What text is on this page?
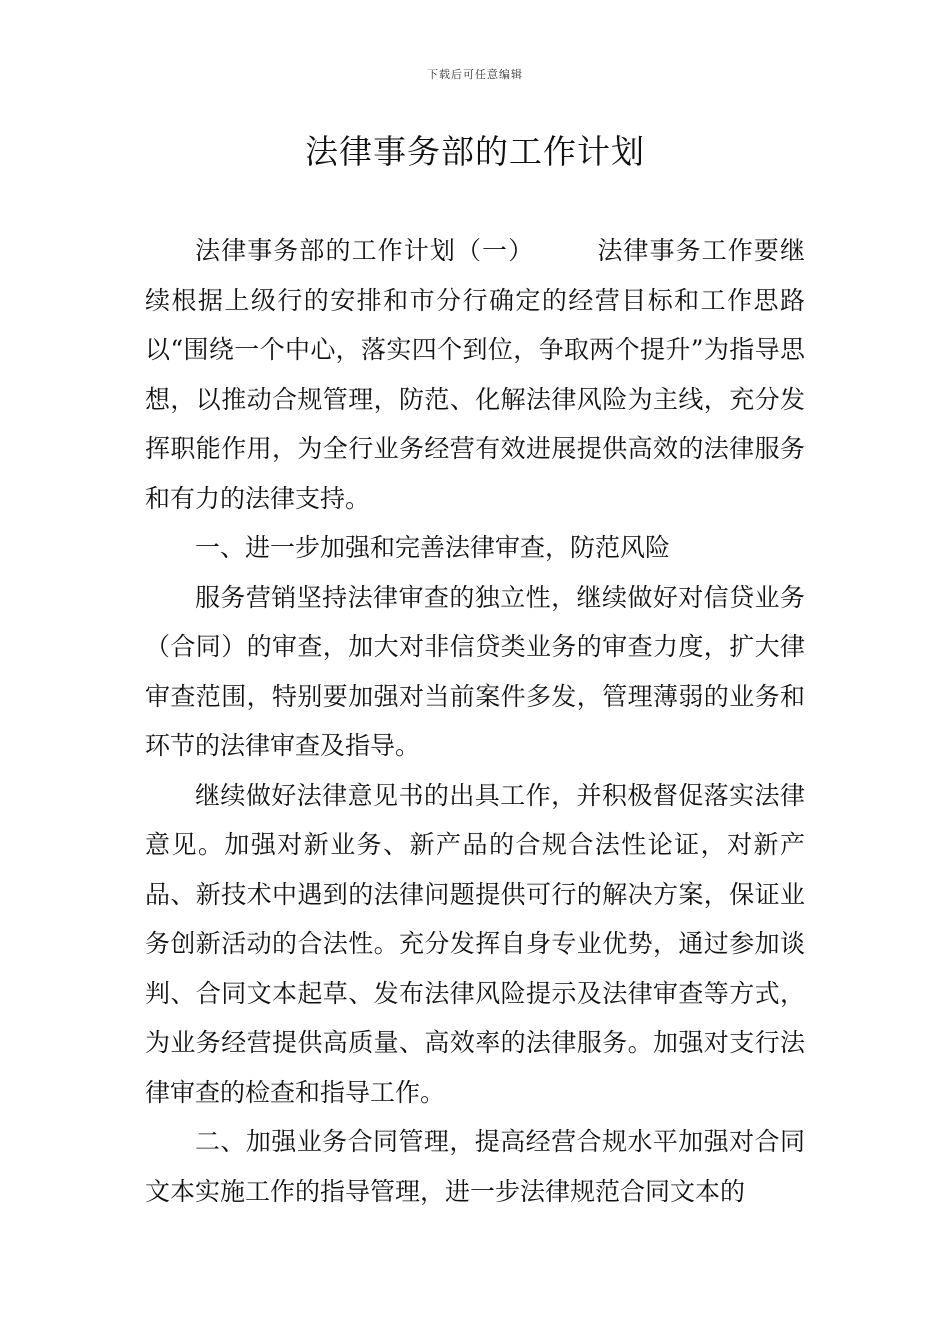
下载后可任意编辑
法律事务部的工作计划

法律事务部的工作计划（一） 法律事务工作要继续根据上级行的安排和市分行确定的经营目标和工作思路以“围绕一个中心，落实四个到位，争取两个提升”为指导思想，以推动合规管理，防范、化解法律风险为主线，充分发挥职能作用，为全行业务经营有效进展提供高效的法律服务和有力的法律支持。

一、进一步加强和完善法律审查，防范风险

服务营销坚持法律审查的独立性，继续做好对信贷业务（合同）的审查，加大对非信贷类业务的审查力度，扩大律审查范围，特别要加强对当前案件多发，管理薄弱的业务和环节的法律审查及指导。

继续做好法律意见书的出具工作，并积极督促落实法律意见。加强对新业务、新产品的合规合法性论证，对新产品、新技术中遇到的法律问题提供可行的解决方案，保证业务创新活动的合法性。充分发挥自身专业优势，通过参加谈判、合同文本起草、发布法律风险提示及法律审查等方式，为业务经营提供高质量、高效率的法律服务。加强对支行法律审查的检查和指导工作。

二、加强业务合同管理，提高经营合规水平加强对合同文本实施工作的指导管理，进一步法律规范合同文本的
